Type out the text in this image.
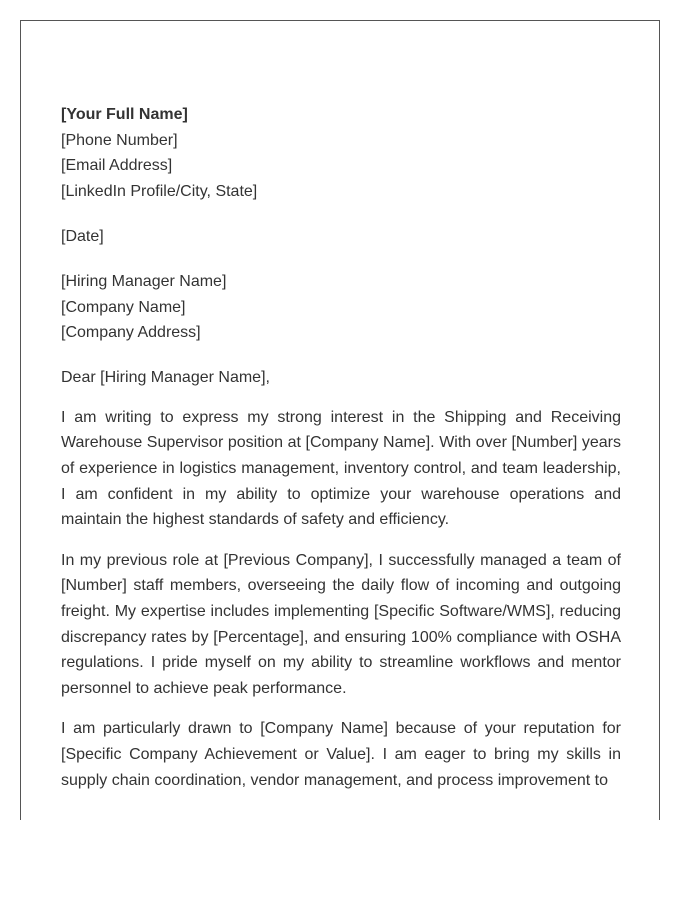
[Your Full Name]
[Phone Number]
[Email Address]
[LinkedIn Profile/City, State]
[Date]
[Hiring Manager Name]
[Company Name]
[Company Address]
Dear [Hiring Manager Name],

I am writing to express my strong interest in the Shipping and Receiving Warehouse Supervisor position at [Company Name]. With over [Number] years of experience in logistics management, inventory control, and team leadership, I am confident in my ability to optimize your warehouse operations and maintain the highest standards of safety and efficiency.

In my previous role at [Previous Company], I successfully managed a team of [Number] staff members, overseeing the daily flow of incoming and outgoing freight. My expertise includes implementing [Specific Software/WMS], reducing discrepancy rates by [Percentage], and ensuring 100% compliance with OSHA regulations. I pride myself on my ability to streamline workflows and mentor personnel to achieve peak performance.

I am particularly drawn to [Company Name] because of your reputation for [Specific Company Achievement or Value]. I am eager to bring my skills in supply chain coordination, vendor management, and process improvement to
